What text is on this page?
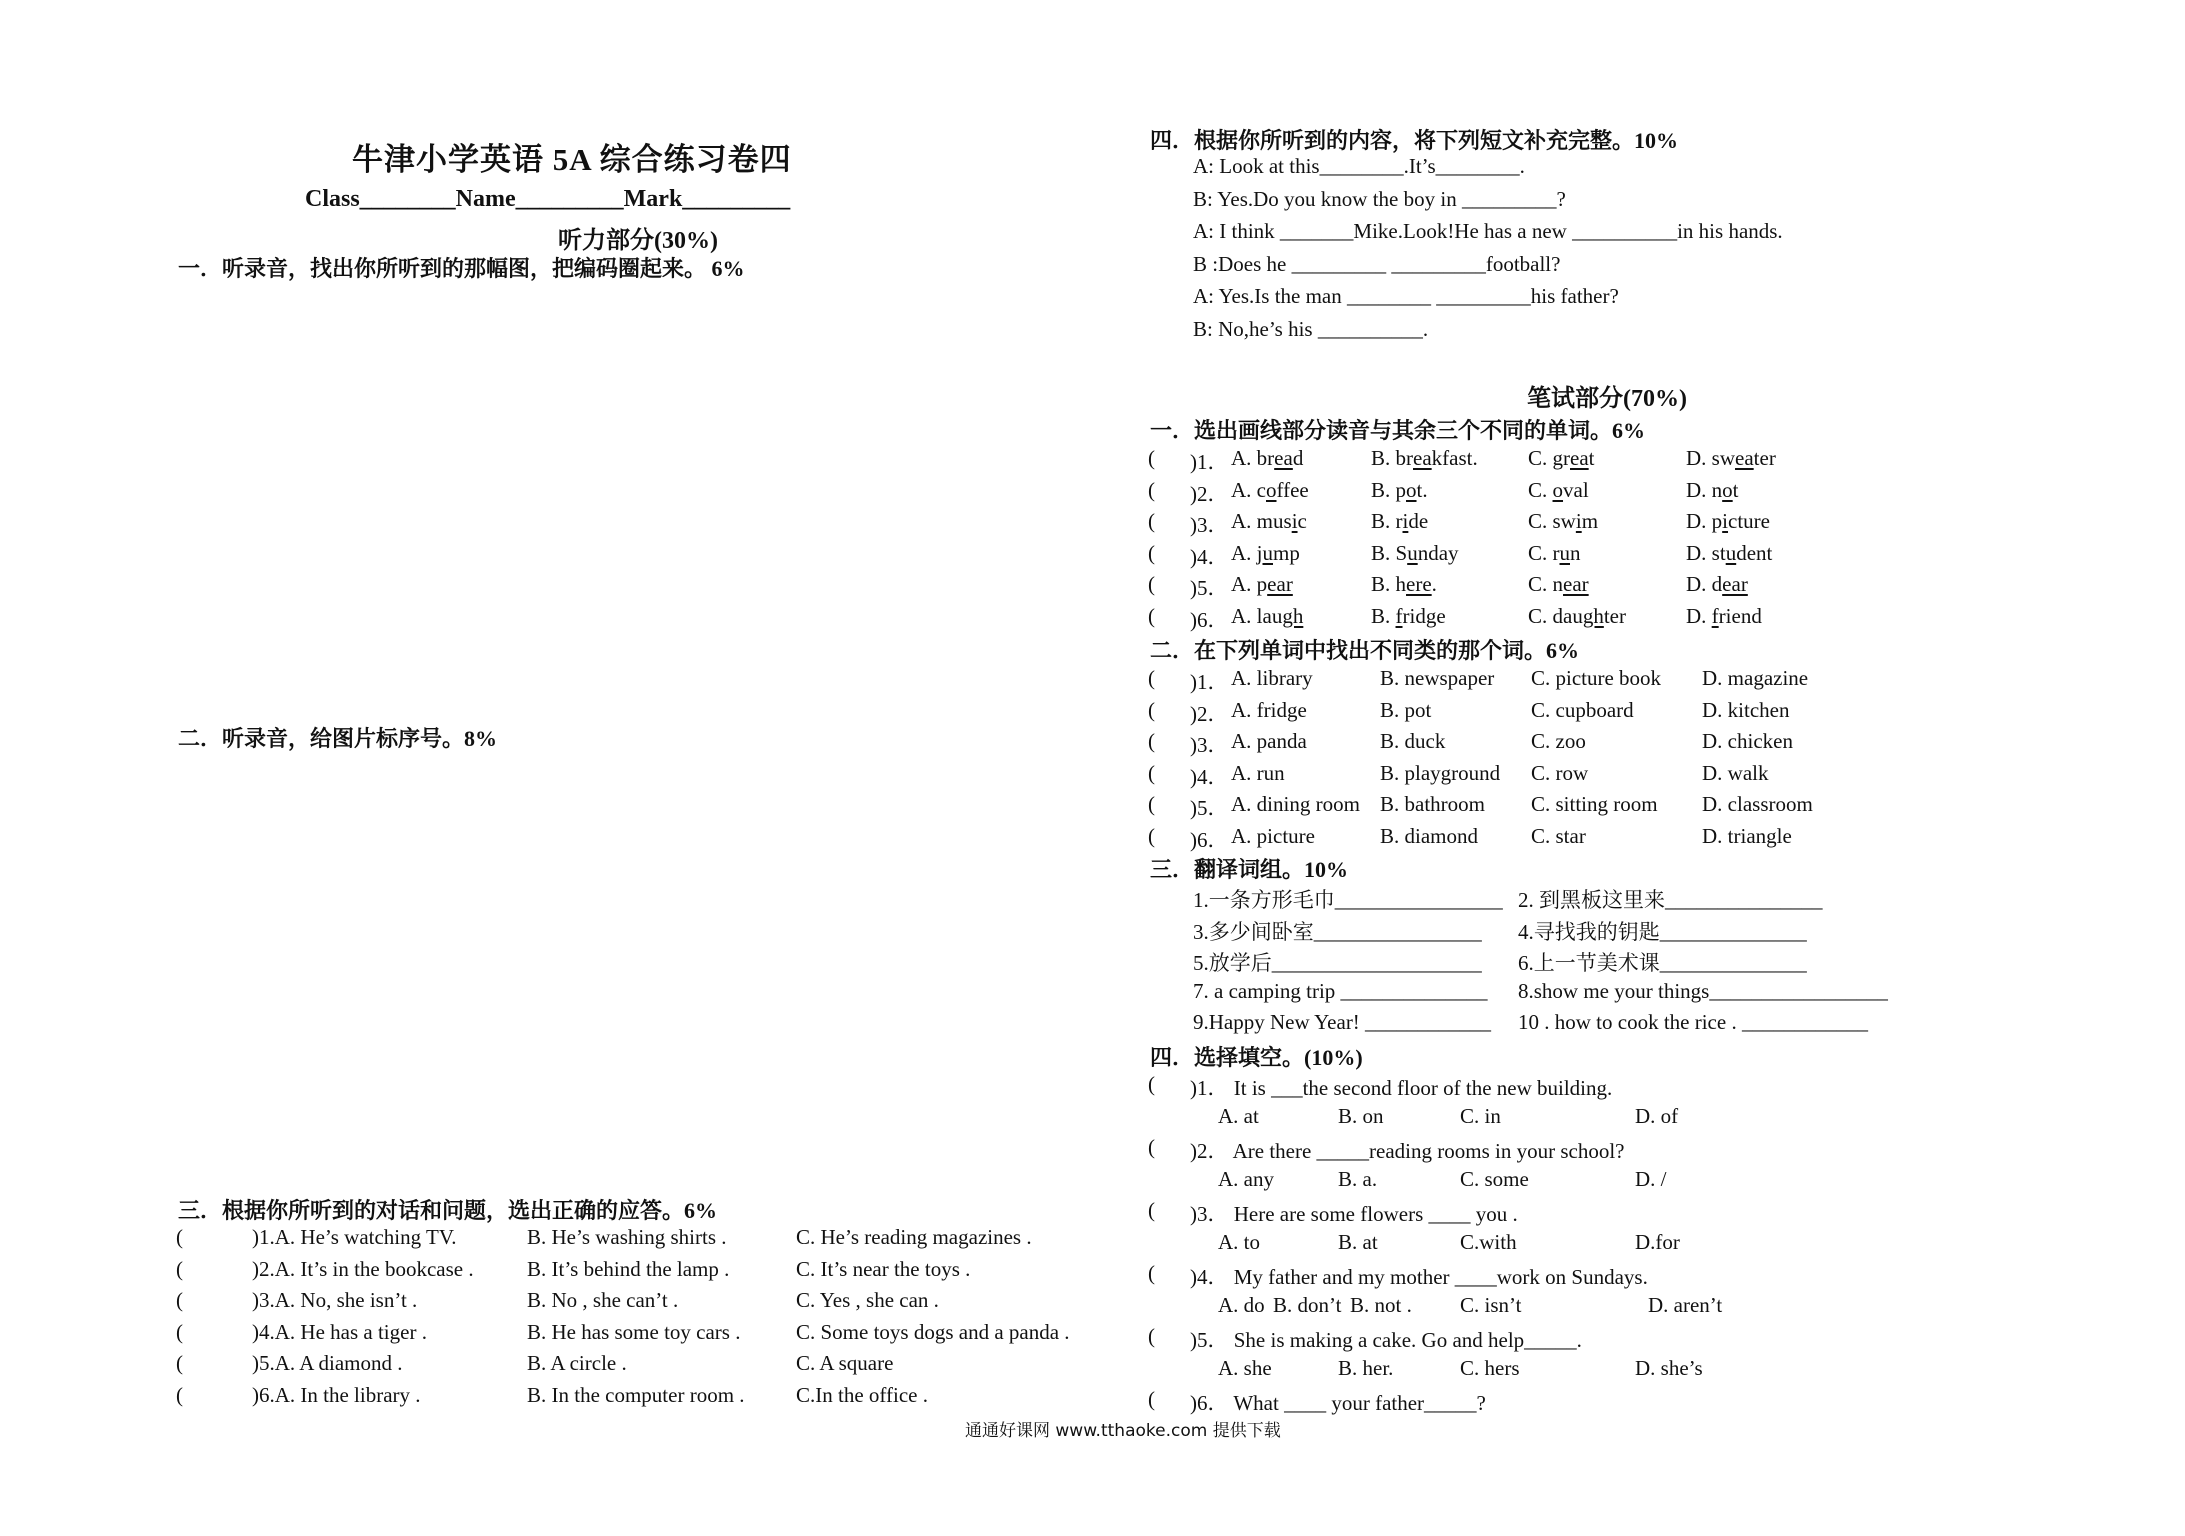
牛津小学英语 5A 综合练习卷四
Class________Name_________Mark_________
听力部分(30%)
一．听录音，找出你所听到的那幅图，把编码圈起来。 6%
二．听录音，给图片标序号。8%
三．根据你所听到的对话和问题，选出正确的应答。6%
(	)1.A. He’s watching TV.	B. He’s washing shirts .	C. He’s reading magazines .
(	)2.A. It’s in the bookcase .	B. It’s behind the lamp .	C. It’s near the toys .
(	)3.A. No, she isn’t .	B. No , she can’t .	C. Yes , she can .
(	)4.A. He has a tiger .	B. He has some toy cars .	C. Some toys dogs and a panda .
(	)5.A. A diamond .	B. A circle .	C. A square
(	)6.A. In the library .	B. In the computer room . C.In the office .
四．根据你所听到的内容，将下列短文补充完整。10%
A: Look at this________.It’s________.
B: Yes.Do you know the boy in _________?
A: I think _______Mike.Look!He has a new __________in his hands.
B :Does he _________ _________football?
A: Yes.Is the man ________ _________his father?
B: No,he’s his __________.
笔试部分(70%)
一．选出画线部分读音与其余三个不同的单词。6%
( )1． A. bread	B. breakfast. C. great	D. sweater
( )2． A. coffee	B. pot.	C. oval	D. not
( )3． A. music	B. ride	C. swim	D. picture
( )4． A. jump	B. Sunday	C. run	D. student
( )5． A. pear	B. here.	C. near	D. dear
( )6． A. laugh	B. fridge	C. daughter	D. friend
二．在下列单词中找出不同类的那个词。6%
( )1． A. library	B. newspaper C. picture book D. magazine
( )2． A. fridge	B. pot	C. cupboard	D. kitchen
( )3． A. panda	B. duck	C. zoo	D. chicken
( )4． A. run	B. playground C. row	D. walk
( )5． A. dining room B. bathroom C. sitting room D. classroom
( )6． A. picture	B. diamond	C. star	D. triangle
三．翻译词组。10%
1.一条方形毛巾________________ 2. 到黑板这里来_______________
3.多少间卧室________________ 4.寻找我的钥匙______________
5.放学后____________________ 6.上一节美术课______________
7. a camping trip ______________ 8.show me your things_________________
9.Happy New Year! ____________ 10 . how to cook the rice . ____________
四．选择填空。(10%)
( )1． It is ___the second floor of the new building.
A. at	B. on	C. in	D. of
( )2． Are there _____reading rooms in your school?
A. any	B. a.	C. some	D. /
( )3． Here are some flowers ____ you .
A. to	B. at	C.with	D.for
( )4． My father and my mother ____work on Sundays.
A. do B. don’t B. not . C. isn’t	D. aren’t
( )5． She is making a cake. Go and help_____.
A. she	B. her.	C. hers	D. she’s
( )6． What ____ your father_____?
通通好课网 www.tthaoke.com 提供下载
